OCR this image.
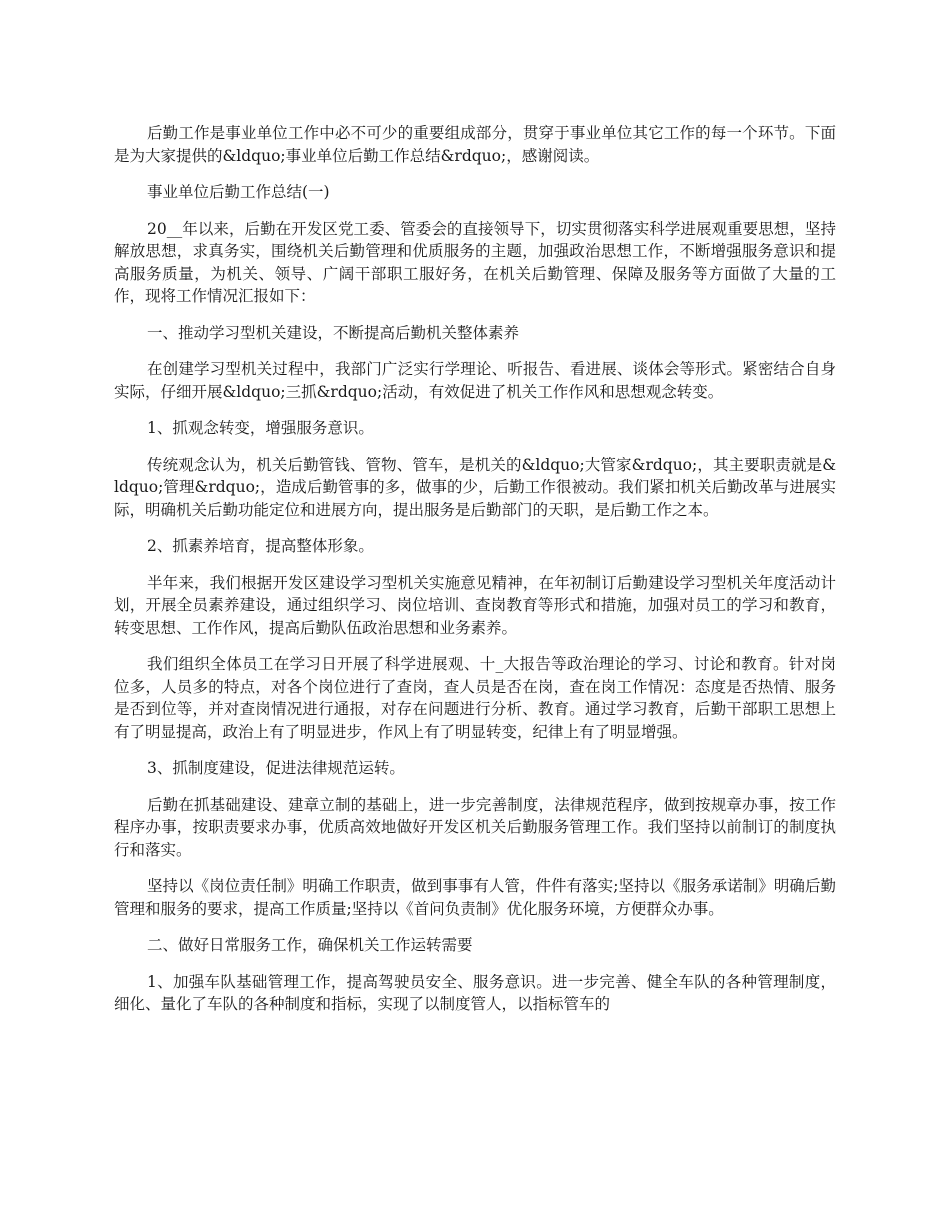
后勤工作是事业单位工作中必不可少的重要组成部分，贯穿于事业单位其它工作的每一个环节。下面是为大家提供的&ldquo;事业单位后勤工作总结&rdquo;，感谢阅读。

事业单位后勤工作总结(一)

20__年以来，后勤在开发区党工委、管委会的直接领导下，切实贯彻落实科学进展观重要思想，坚持解放思想，求真务实，围绕机关后勤管理和优质服务的主题，加强政治思想工作，不断增强服务意识和提高服务质量，为机关、领导、广阔干部职工服好务，在机关后勤管理、保障及服务等方面做了大量的工作，现将工作情况汇报如下：

一、推动学习型机关建设，不断提高后勤机关整体素养

在创建学习型机关过程中，我部门广泛实行学理论、听报告、看进展、谈体会等形式。紧密结合自身实际，仔细开展&ldquo;三抓&rdquo;活动，有效促进了机关工作作风和思想观念转变。

1、抓观念转变，增强服务意识。

传统观念认为，机关后勤管钱、管物、管车，是机关的&ldquo;大管家&rdquo;，其主要职责就是&ldquo;管理&rdquo;，造成后勤管事的多，做事的少，后勤工作很被动。我们紧扣机关后勤改革与进展实际，明确机关后勤功能定位和进展方向，提出服务是后勤部门的天职，是后勤工作之本。

2、抓素养培育，提高整体形象。

半年来，我们根据开发区建设学习型机关实施意见精神，在年初制订后勤建设学习型机关年度活动计划，开展全员素养建设，通过组织学习、岗位培训、查岗教育等形式和措施，加强对员工的学习和教育，转变思想、工作作风，提高后勤队伍政治思想和业务素养。

我们组织全体员工在学习日开展了科学进展观、十_大报告等政治理论的学习、讨论和教育。针对岗位多，人员多的特点，对各个岗位进行了查岗，查人员是否在岗，查在岗工作情况：态度是否热情、服务是否到位等，并对查岗情况进行通报，对存在问题进行分析、教育。通过学习教育，后勤干部职工思想上有了明显提高，政治上有了明显进步，作风上有了明显转变，纪律上有了明显增强。

3、抓制度建设，促进法律规范运转。

后勤在抓基础建设、建章立制的基础上，进一步完善制度，法律规范程序，做到按规章办事，按工作程序办事，按职责要求办事，优质高效地做好开发区机关后勤服务管理工作。我们坚持以前制订的制度执行和落实。

坚持以《岗位责任制》明确工作职责，做到事事有人管，件件有落实;坚持以《服务承诺制》明确后勤管理和服务的要求，提高工作质量;坚持以《首问负责制》优化服务环境，方便群众办事。

二、做好日常服务工作，确保机关工作运转需要

1、加强车队基础管理工作，提高驾驶员安全、服务意识。进一步完善、健全车队的各种管理制度，细化、量化了车队的各种制度和指标，实现了以制度管人，以指标管车的
